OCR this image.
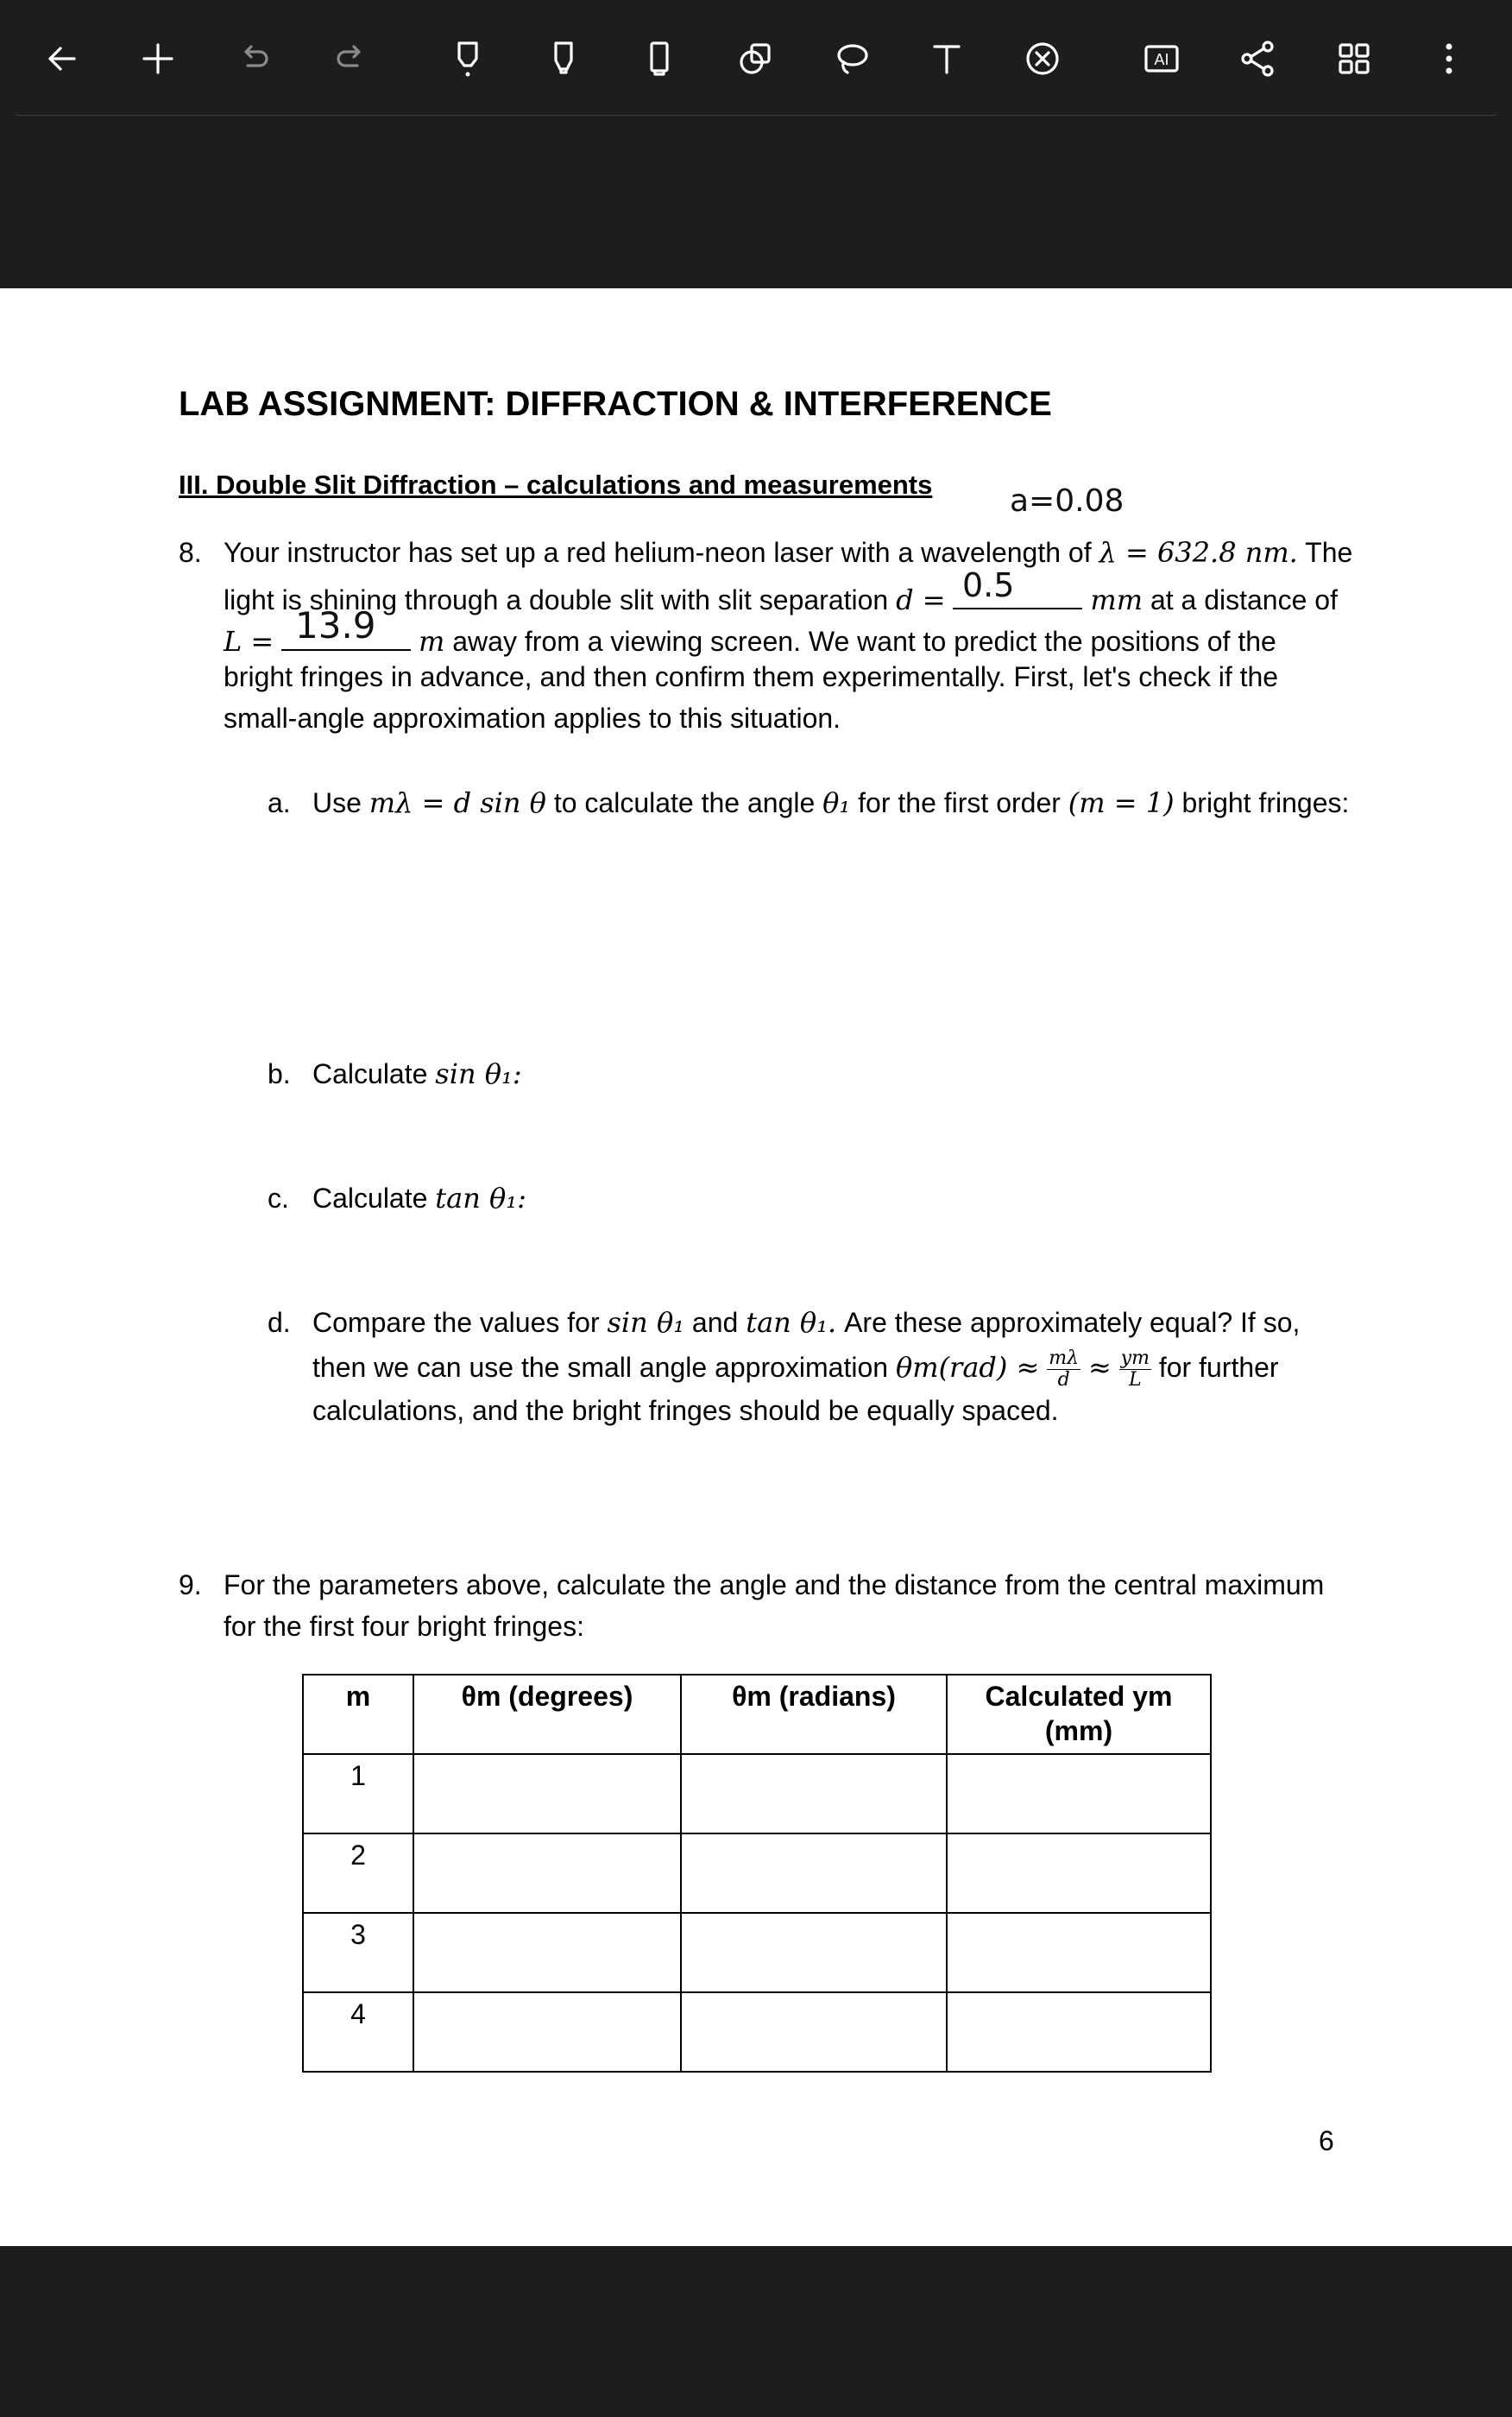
AI
LAB ASSIGNMENT: DIFFRACTION & INTERFERENCE
III. Double Slit Diffraction – calculations and measurements a=0.08
8. Your instructor has set up a red helium-neon laser with a wavelength of λ = 632.8 nm. The
light is shining through a double slit with slit separation d =	mm at a distance of
0.5
L =	m away from a viewing screen. We want to predict the positions of the
13.9
bright fringes in advance, and then confirm them experimentally. First, let's check if the
small-angle approximation applies to this situation.
a. Use mλ = d sin θ to calculate the angle θ₁ for the first order (m = 1) bright fringes:
b. Calculate sin θ₁:
c. Calculate tan θ₁:
d. Compare the values for sin θ₁ and tan θ₁. Are these approximately equal? If so,
then we can use the small angle approximation $\theta m(rad) \approx \frac{m\lambda}{d} \approx \frac{ym}{L}$ for further
calculations, and the bright fringes should be equally spaced.
9. For the parameters above, calculate the angle and the distance from the central maximum
for the first four bright fringes:
m	θm (degrees)	θm (radians)	Calculated ym (mm)
1			
2			
3			
4			
6
